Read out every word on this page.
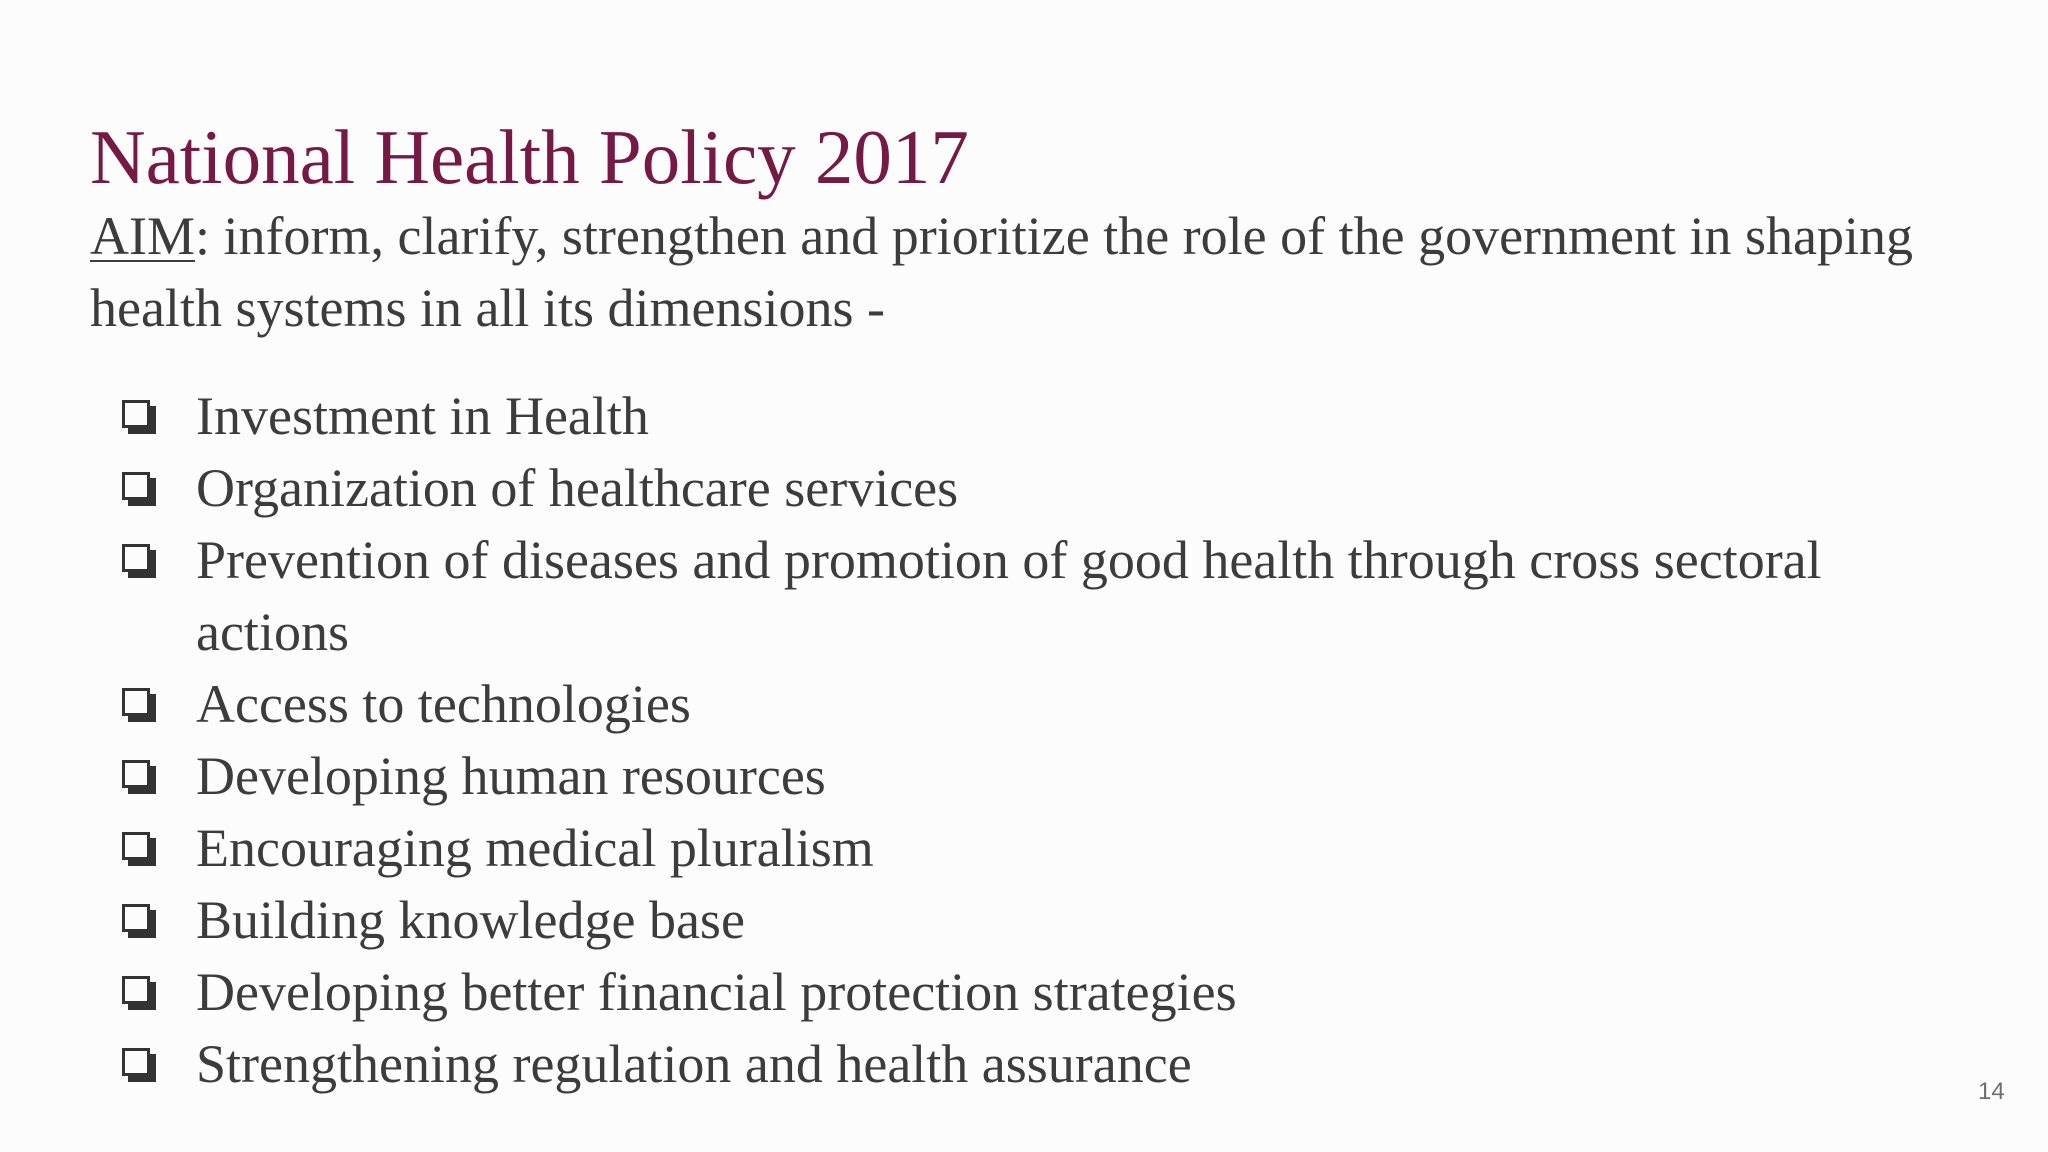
National Health Policy 2017

AIM: inform, clarify, strengthen and prioritize the role of the government in shaping health systems in all its dimensions -

Investment in Health
Organization of healthcare services
Prevention of diseases and promotion of good health through cross sectoral actions
Access to technologies
Developing human resources
Encouraging medical pluralism
Building knowledge base
Developing better financial protection strategies
Strengthening regulation and health assurance	14
